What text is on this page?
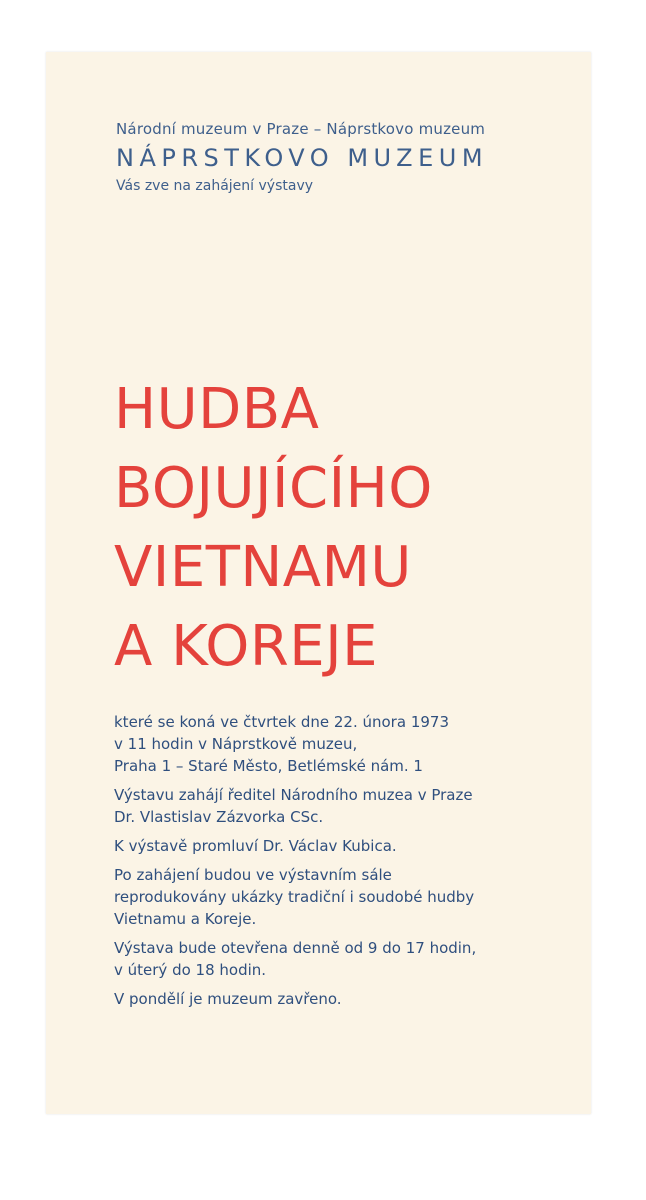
Národní muzeum v Praze – Náprstkovo muzeum
NÁPRSTKOVO MUZEUM
Vás zve na zahájení výstavy
HUDBA
BOJUJÍCÍHO
VIETNAMU
A KOREJE

které se koná ve čtvrtek dne 22. února 1973
v 11 hodin v Náprstkově muzeu,
Praha 1 – Staré Město, Betlémské nám. 1

Výstavu zahájí ředitel Národního muzea v Praze
Dr. Vlastislav Zázvorka CSc.

K výstavě promluví Dr. Václav Kubica.

Po zahájení budou ve výstavním sále
reprodukovány ukázky tradiční i soudobé hudby
Vietnamu a Koreje.

Výstava bude otevřena denně od 9 do 17 hodin,
v úterý do 18 hodin.

V pondělí je muzeum zavřeno.
